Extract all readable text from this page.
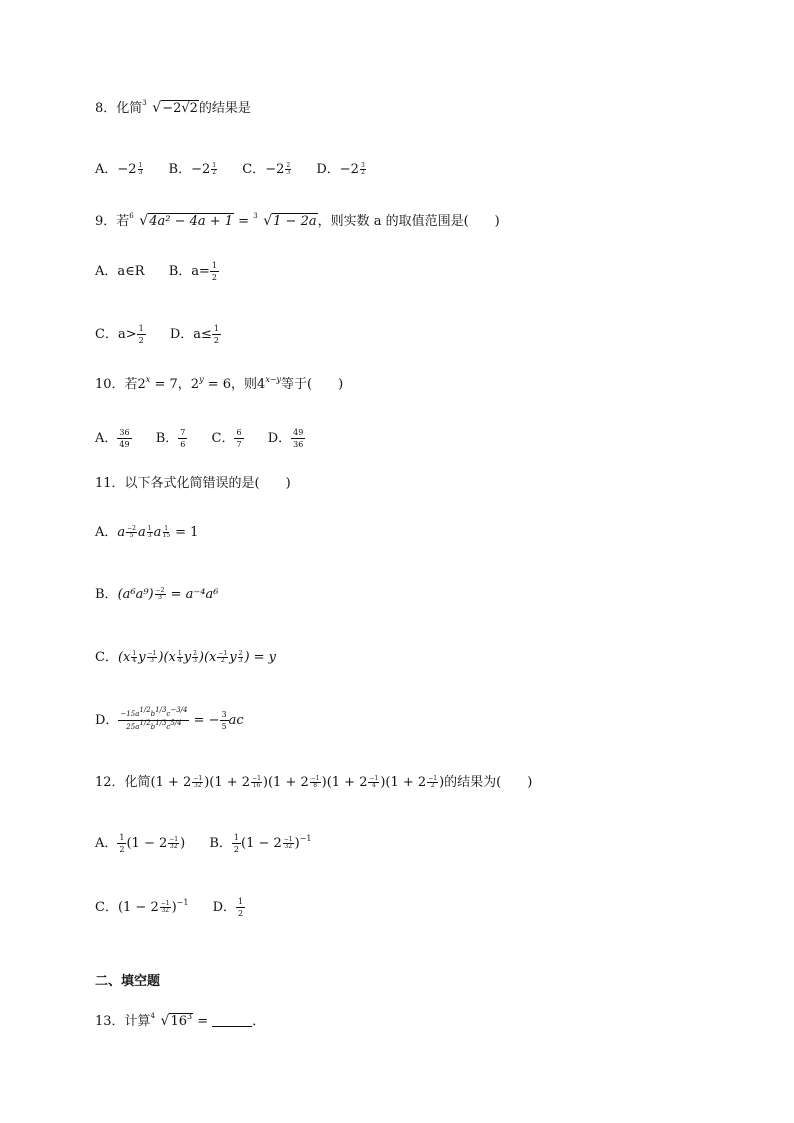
8．化简 3 √−2√2的结果是
A．$-2 \frac{1}{3}$ B．$-2 \frac{1}{2}$ C．$-2 \frac{2}{3}$ D．$-2 \frac{3}{2}$
9．若 6 √4a² − 4a + 1 = 3 √1 − 2a，则实数 a 的取值范围是(　　)
A．a∈R B．$a= \frac{1}{2}$
C．$a> \frac{1}{2}$ D．$a\le \frac{1}{2}$
10．若$2^x = 7$，$2^y = 6$，则$4^{x-y}$等于(　　)
A． $\frac{36}{49}$ B． $\frac{7}{6}$ C． $\frac{6}{7}$ D． $\frac{49}{36}$
11．以下各式化简错误的是(　　)
A．a $\frac{-2}{5}$ a $\frac{1}{3}$ a $\frac{1}{15} = 1$
B．$(a^6a^9) \frac{-2}{3} = a^{-4}a^6$
C．($x \frac{1}{4}$ y $\frac{-1}{3} )(x \frac{1}{4}$ y $\frac{2}{3} )(x \frac{-1}{2}$ y $\frac{2}{3}$ ) = y
D． $\frac{-15a^{1/2}b^{1/3}c^{-3/4}}{25a^{1/2}b^{1/3}c^{5/4}}$ = − $\frac{3}{5}$ ac
12．化简$(1 + 2 \frac{-1}{32} )(1 + 2 \frac{-1}{16} )(1 + 2 \frac{-1}{8} )(1 + 2 \frac{-1}{4} )(1 + 2 \frac{-1}{2}$ )的结果为(　　)
A． $\frac{1}{2} (1 - 2 \frac{-1}{32}$ ) B． $\frac{1}{2} (1 - 2 \frac{-1}{32} )^{-1}$
C．$(1 - 2 \frac{-1}{32} )^{-1}$ D． $\frac{1}{2}$
二、填空题
13．计算 4 $√16^3$ =	．
